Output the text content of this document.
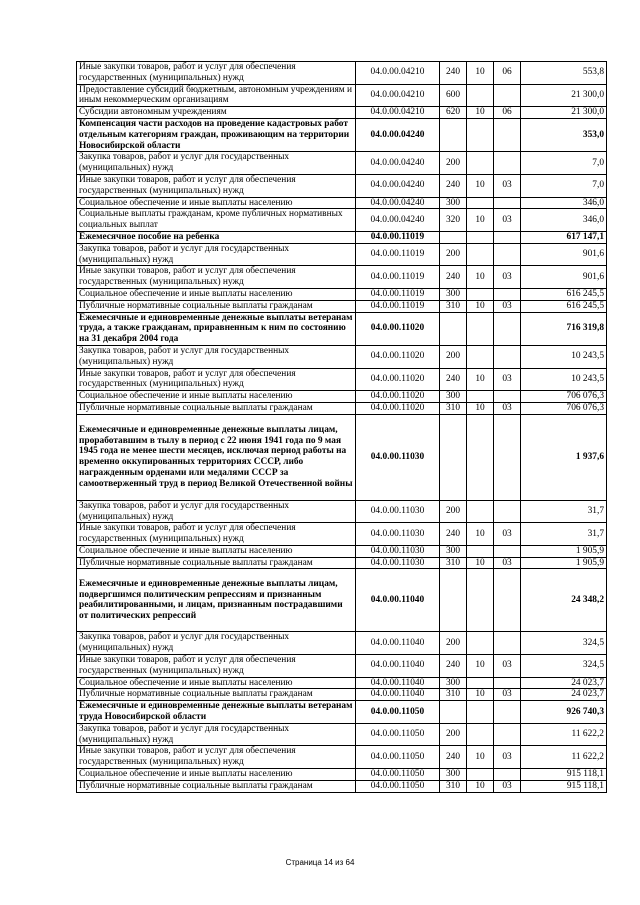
Иные закупки товаров, работ и услуг для обеспечения государственных (муниципальных) нужд	04.0.00.04210	240	10	06	553,8
Предоставление субсидий бюджетным, автономным учреждениям и иным некоммерческим организациям	04.0.00.04210	600			21 300,0
Субсидии автономным учреждениям	04.0.00.04210	620	10	06	21 300,0
Компенсация части расходов на проведение кадастровых работ отдельным категориям граждан, проживающим на территории Новосибирской области	04.0.00.04240				353,0
Закупка товаров, работ и услуг для государственных (муниципальных) нужд	04.0.00.04240	200			7,0
Иные закупки товаров, работ и услуг для обеспечения государственных (муниципальных) нужд	04.0.00.04240	240	10	03	7,0
Социальное обеспечение и иные выплаты населению	04.0.00.04240	300			346,0
Социальные выплаты гражданам, кроме публичных нормативных социальных выплат	04.0.00.04240	320	10	03	346,0
Ежемесячное пособие на ребенка	04.0.00.11019				617 147,1
Закупка товаров, работ и услуг для государственных (муниципальных) нужд	04.0.00.11019	200			901,6
Иные закупки товаров, работ и услуг для обеспечения государственных (муниципальных) нужд	04.0.00.11019	240	10	03	901,6
Социальное обеспечение и иные выплаты населению	04.0.00.11019	300			616 245,5
Публичные нормативные социальные выплаты гражданам	04.0.00.11019	310	10	03	616 245,5
Ежемесячные и единовременные денежные выплаты ветеранам труда, а также гражданам, приравненным к ним по состоянию на 31 декабря 2004 года	04.0.00.11020				716 319,8
Закупка товаров, работ и услуг для государственных (муниципальных) нужд	04.0.00.11020	200			10 243,5
Иные закупки товаров, работ и услуг для обеспечения государственных (муниципальных) нужд	04.0.00.11020	240	10	03	10 243,5
Социальное обеспечение и иные выплаты населению	04.0.00.11020	300			706 076,3
Публичные нормативные социальные выплаты гражданам	04.0.00.11020	310	10	03	706 076,3
Ежемесячные и единовременные денежные выплаты лицам, проработавшим в тылу в период с 22 июня 1941 года по 9 мая 1945 года не менее шести месяцев, исключая период работы на временно оккупированных территориях СССР, либо награжденным орденами или медалями СССР за самоотверженный труд в период Великой Отечественной войны	04.0.00.11030				1 937,6
Закупка товаров, работ и услуг для государственных (муниципальных) нужд	04.0.00.11030	200			31,7
Иные закупки товаров, работ и услуг для обеспечения государственных (муниципальных) нужд	04.0.00.11030	240	10	03	31,7
Социальное обеспечение и иные выплаты населению	04.0.00.11030	300			1 905,9
Публичные нормативные социальные выплаты гражданам	04.0.00.11030	310	10	03	1 905,9
Ежемесячные и единовременные денежные выплаты лицам, подвергшимся политическим репрессиям и признанным реабилитированными, и лицам, признанным пострадавшими от политических репрессий	04.0.00.11040				24 348,2
Закупка товаров, работ и услуг для государственных (муниципальных) нужд	04.0.00.11040	200			324,5
Иные закупки товаров, работ и услуг для обеспечения государственных (муниципальных) нужд	04.0.00.11040	240	10	03	324,5
Социальное обеспечение и иные выплаты населению	04.0.00.11040	300			24 023,7
Публичные нормативные социальные выплаты гражданам	04.0.00.11040	310	10	03	24 023,7
Ежемесячные и единовременные денежные выплаты ветеранам труда Новосибирской области	04.0.00.11050				926 740,3
Закупка товаров, работ и услуг для государственных (муниципальных) нужд	04.0.00.11050	200			11 622,2
Иные закупки товаров, работ и услуг для обеспечения государственных (муниципальных) нужд	04.0.00.11050	240	10	03	11 622,2
Социальное обеспечение и иные выплаты населению	04.0.00.11050	300			915 118,1
Публичные нормативные социальные выплаты гражданам	04.0.00.11050	310	10	03	915 118,1
Страница 14 из 64
